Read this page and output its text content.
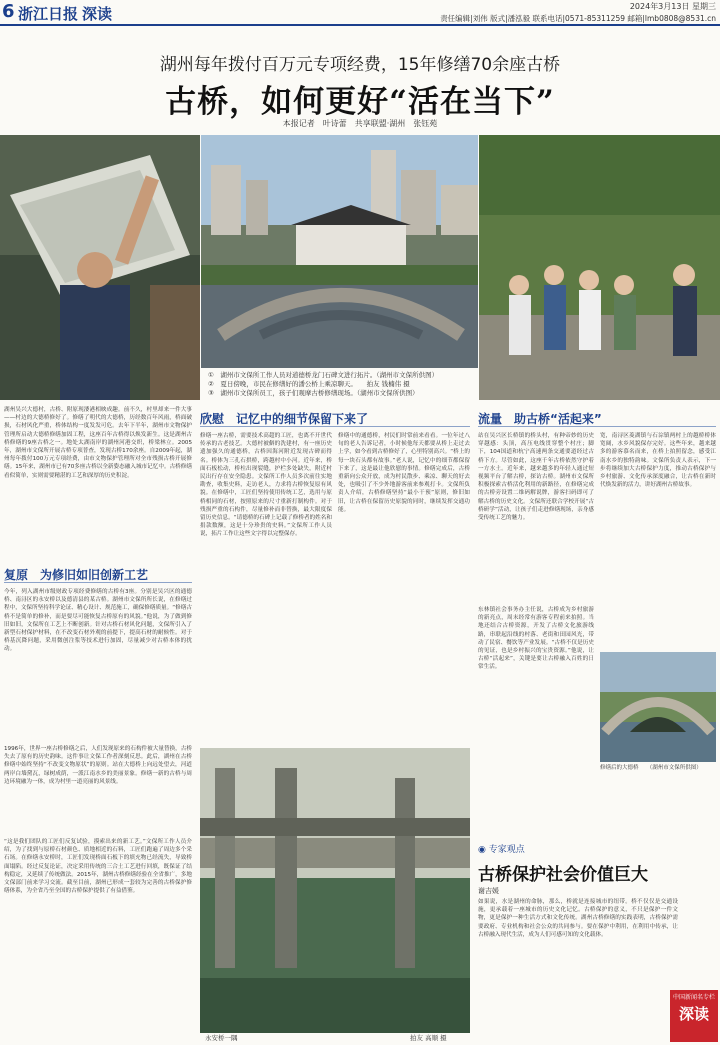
6 浙江日报 深读	2024年3月13日 星期三
责任编辑|刘伟 版式|潘泓毅 联系电话|0571-85311259 邮箱|lmb0808@8531.cn
湖州每年拨付百万元专项经费，15年修缮70余座古桥
古桥，如何更好“活在当下”
本报记者　叶诗蕾　共享联盟·湖州　张钰苑
①　湖州市文保所工作人员对道德桥龙门石碑文进行拓片。（湖州市文保所供图）
②　夏日傍晚，市民在修缮好的潘公桥上乘凉聊天。　　拍友 钱楠伟 摄
③　湖州市文保所员工，孩子们观摩古桥修缮现场。（湖州市文保所供图）
湖州吴兴大德村，古桥、附原现溇港相映成趣。前不久，村里却来一件大事——村边的大德桥修好了。修缮了明代的大德桥，历经数百年风雨，桥面破损，石材风化严重，桥体结构一度发发可危。去年下半年，湖州市文物保护管理所启动大德桥修缮加固工程，这座百年古桥得以焕发新生。这是湖州古桥修缮的9座古桥之一。地处太湖南岸的湖州河港交织，桥梁林立。2005年，湖州市文保所开展古桥专项普查，发现古桥170余座。自2009年起，湖州每年拨付100万元专项经费，由市文物保护管理所对全市残损古桥开展修缮。15年来，湖州市已有70多座古桥以全新姿态融入城市记忆中。古桥修缮看似简单，实则需要精湛的工艺和深厚的历史积淀。
复原　为修旧如旧创新工艺
今年，列入湖州市级财政专项经费修缮的古桥有3座。分别是吴兴区的通德桥、南浔区的永安桥以及德清县的某古桥。湖州市文保所所长说，在修缮过程中，文保所坚持科学论证、精心设计、规范施工，确保修缮质量。“修缮古桥不是简单的修补，而是要尽可能恢复古桥原有的风貌。”他说，为了做到修旧如旧，文保所在工艺上不断创新。针对古桥石材风化问题，文保所引入了新型石材保护材料，在不改变石材外观的前提下，提高石材的耐候性。对于桥基沉降问题，采用微创注浆等技术进行加固，尽量减少对古桥本体的扰动。
1996年，世界一座古桥修缮之后，人们发现原来的石构件被大量替换，古桥失去了原有的历史韵味。这件事让文保工作者深刻反思。此后，湖州在古桥修缮中始终坚持“不改变文物原状”的原则。站在大德桥上向远处望去，河道两岸白墙黛瓦，绿树成荫，一派江南水乡的美丽景象。修缮一新的古桥与周边环境融为一体，成为村里一道亮丽的风景线。
“这是我们团队的工匠们反复试验，摸索出来的新工艺。”文保所工作人员介绍，为了找到与原桥石材颜色、质地相近的石料，工匠们跑遍了周边多个采石场。在修缮永安桥时，工匠们发现桥面石板下的填充物已经流失，导致桥面塌陷。经过反复论证，决定采用传统的三合土工艺进行回填，既保证了结构稳定，又延续了传统做法。2015年，湖州古桥修缮经验在全省推广，多地文保部门前来学习交流。截至目前，湖州已形成一套较为完善的古桥保护修缮体系，为全省乃至全国的古桥保护提供了有益借鉴。
欣慰　记忆中的细节保留下来了
修缮一座古桥，需要技术高超的工匠，也离不开世代传承的古老技艺。大德村被僻的洗建村，有一座历史遗加强久的通德桥，古桥因海河附近发现古碑而得名。桥体为三孔石拱桥，跨越村中小河。近年来，桥面石板松动，桥柱出现裂缝，护栏多处缺失，附近村民出行存在安全隐患。文保所工作人员多次前往实地勘查，收集史料，走访老人，力求将古桥恢复原有风貌。在修缮中，工匠们坚持使用传统工艺，选用与原桥相同的石材，按照原来的尺寸重新打制构件。对于残损严重的石构件，尽量修补而非替换，最大限度保留历史信息。“请德桥的石碑上记载了修桥者的姓名和捐款数额，这是十分珍贵的史料。”文保所工作人员说，拓片工作让这些文字得以完整保存。
修缮中的通德桥，村民们时常前来看看。一位年过八旬的老人告诉记者，小时候他每天都要从桥上走过去上学，如今看到古桥修好了，心里特别高兴。“桥上的每一块石头都有故事。”老人说，记忆中的细节都保留下来了，这是最让他欣慰的事情。修缮完成后，古桥重新向公众开放，成为村民散步、乘凉、聊天的好去处，也吸引了不少外地游客前来参观打卡。文保所负责人介绍，古桥修缮坚持“最小干预”原则，修旧如旧，让古桥在保留历史原貌的同时，继续发挥交通功能。
永安桥一隅	拍友 高顺 摄
流量　助古桥“活起来”
站在吴兴区长桥镇的桥头村，有种帝妙的历史穿越感：头顶，高压电线贯穿整个村庄；脚下，104国道和杭宁高速两条交通要道经过古桥下方。尽管如此，这座千年古桥依然守护着一方水土。近年来，越来越多的年轻人通过短视频平台了解古桥，探访古桥。湖州市文保所积极探索古桥活化利用的新路径，在修缮完成的古桥旁设置二维码解说牌，游客扫码即可了解古桥的历史文化。文保所还联合学校开展“古桥研学”活动，让孩子们走进修缮现场，亲身感受传统工艺的魅力。
东林镇社会事务办主任说，古桥成为乡村旅游的新亮点，周末经常有游客专程前来拍照。当地还结合古桥资源，开发了古桥文化旅游线路，串联起沿线的村落、老街和田园风光，带动了民宿、餐饮等产业发展。“古桥不仅是历史的见证，也是乡村振兴的宝贵资源。”他说，让古桥“活起来”，关键是要让古桥融入百姓的日常生活。
宽，南浔区菱湖镇与石淙镇两村上的越桥桥体宽阔，水乡风貌保存完好。这些年来，越来越多的游客慕名而来，在桥上拍照留念，感受江南水乡的独特韵味。文保所负责人表示，下一步将继续加大古桥保护力度，推动古桥保护与乡村旅游、文化传承深度融合，让古桥在新时代焕发新的活力，讲好湖州古桥故事。
修缮后的大德桥　　（湖州市文保所供图）
◉ 专家观点
古桥保护社会价值巨大
谢吉媛
如果说，水是湖州的命脉，那么，桥就是连接城市的纽带。桥不仅仅是交通设施，更承载着一座城市的历史文化记忆。古桥保护的意义，不只是保护一件文物，更是保护一种生活方式和文化传统。湖州古桥修缮的实践表明，古桥保护需要政府、专业机构和社会公众的共同参与。要在保护中利用，在利用中传承，让古桥融入现代生活，成为人们可感可知的文化载体。
中国新闻名专栏
深读
